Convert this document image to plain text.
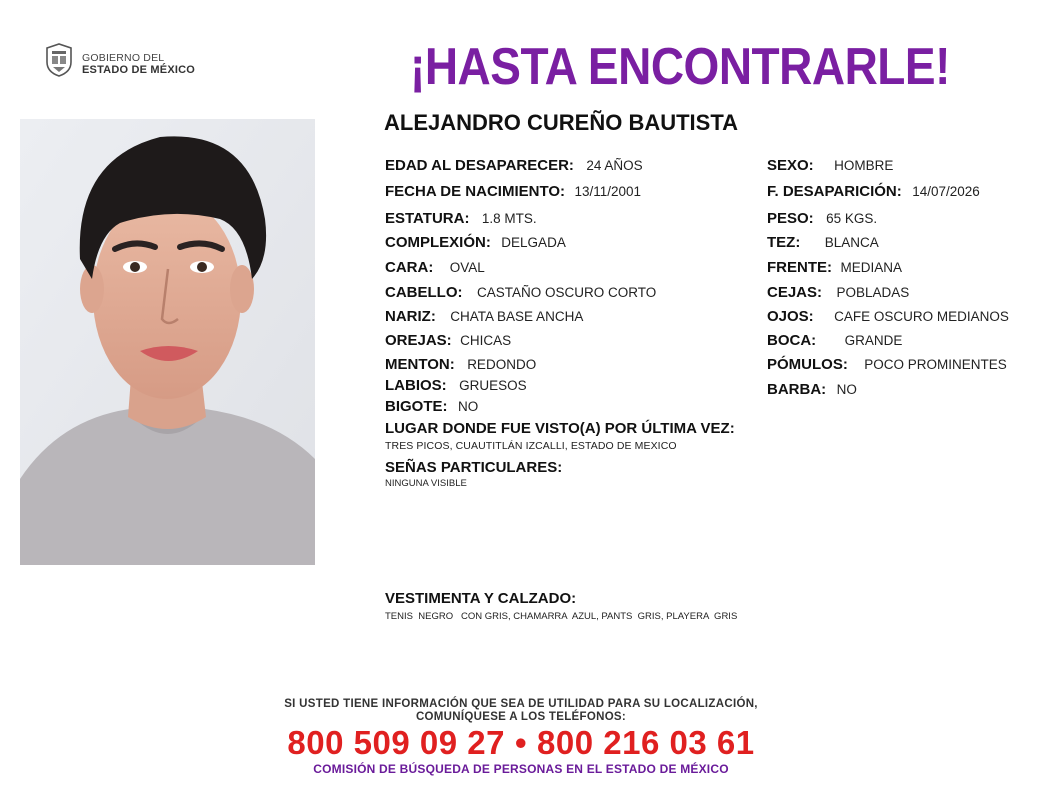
GOBIERNO DEL
ESTADO DE MÉXICO	¡HASTA ENCONTRARLE!
ALEJANDRO CUREÑO BAUTISTA
EDAD AL DESAPARECER: 24 AÑOS
FECHA DE NACIMIENTO: 13/11/2001
ESTATURA: 1.8 MTS.
COMPLEXIÓN: DELGADA
CARA: OVAL
CABELLO: CASTAÑO OSCURO CORTO
NARIZ: CHATA BASE ANCHA
OREJAS: CHICAS
MENTON: REDONDO
LABIOS: GRUESOS
BIGOTE: NO
SEXO: HOMBRE
F. DESAPARICIÓN: 14/07/2026
PESO: 65 KGS.
TEZ: BLANCA
FRENTE: MEDIANA
CEJAS: POBLADAS
OJOS: CAFE OSCURO MEDIANOS
BOCA: GRANDE
PÓMULOS: POCO PROMINENTES
BARBA: NO
LUGAR DONDE FUE VISTO(A) POR ÚLTIMA VEZ:
TRES PICOS, CUAUTITLÁN IZCALLI, ESTADO DE MEXICO
SEÑAS PARTICULARES:
NINGUNA VISIBLE
VESTIMENTA Y CALZADO:
TENIS  NEGRO   CON GRIS, CHAMARRA  AZUL, PANTS  GRIS, PLAYERA  GRIS
SI USTED TIENE INFORMACIÓN QUE SEA DE UTILIDAD PARA SU LOCALIZACIÓN,
COMUNÍQUESE A LOS TELÉFONOS:
800 509 09 27 • 800 216 03 61
COMISIÓN DE BÚSQUEDA DE PERSONAS EN EL ESTADO DE MÉXICO
